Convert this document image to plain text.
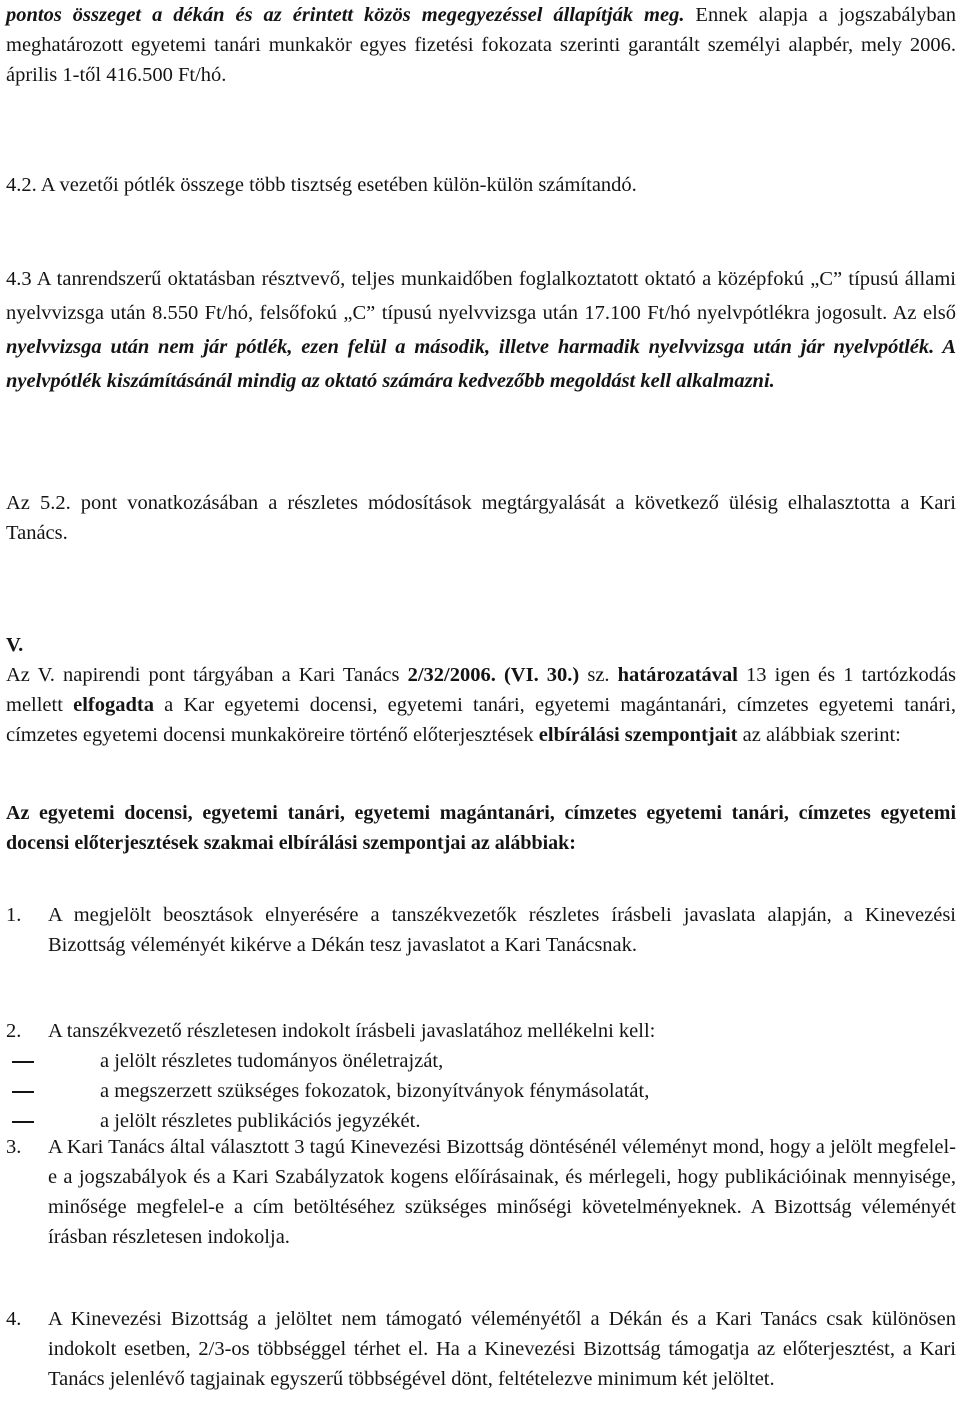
pontos összeget a dékán és az érintett közös megegyezéssel állapítják meg. Ennek alapja a jogszabályban meghatározott egyetemi tanári munkakör egyes fizetési fokozata szerinti garantált személyi alapbér, mely 2006. április 1-től 416.500 Ft/hó.

4.2. A vezetői pótlék összege több tisztség esetében külön-külön számítandó.

4.3 A tanrendszerű oktatásban résztvevő, teljes munkaidőben foglalkoztatott oktató a középfokú „C” típusú állami nyelvvizsga után 8.550 Ft/hó, felsőfokú „C” típusú nyelvvizsga után 17.100 Ft/hó nyelvpótlékra jogosult. Az első nyelvvizsga után nem jár pótlék, ezen felül a második, illetve harmadik nyelvvizsga után jár nyelvpótlék. A nyelvpótlék kiszámításánál mindig az oktató számára kedvezőbb megoldást kell alkalmazni.

Az 5.2. pont vonatkozásában a részletes módosítások megtárgyalását a következő ülésig elhalasztotta a Kari Tanács.

V.

Az V. napirendi pont tárgyában a Kari Tanács 2/32/2006. (VI. 30.) sz. határozatával 13 igen és 1 tartózkodás mellett elfogadta a Kar egyetemi docensi, egyetemi tanári, egyetemi magántanári, címzetes egyetemi tanári, címzetes egyetemi docensi munkaköreire történő előterjesztések elbírálási szempontjait az alábbiak szerint:

Az egyetemi docensi, egyetemi tanári, egyetemi magántanári, címzetes egyetemi tanári, címzetes egyetemi docensi előterjesztések szakmai elbírálási szempontjai az alábbiak:

1. A megjelölt beosztások elnyerésére a tanszékvezetők részletes írásbeli javaslata alapján, a Kinevezési Bizottság véleményét kikérve a Dékán tesz javaslatot a Kari Tanácsnak.

2. A tanszékvezető részletesen indokolt írásbeli javaslatához mellékelni kell:

a jelölt részletes tudományos önéletrajzát,
a megszerzett szükséges fokozatok, bizonyítványok fénymásolatát,
a jelölt részletes publikációs jegyzékét.
3. A Kari Tanács által választott 3 tagú Kinevezési Bizottság döntésénél véleményt mond, hogy a jelölt megfelel-e a jogszabályok és a Kari Szabályzatok kogens előírásainak, és mérlegeli, hogy publikációinak mennyisége, minősége megfelel-e a cím betöltéséhez szükséges minőségi követelményeknek. A Bizottság véleményét írásban részletesen indokolja.

4. A Kinevezési Bizottság a jelöltet nem támogató véleményétől a Dékán és a Kari Tanács csak különösen indokolt esetben, 2/3-os többséggel térhet el. Ha a Kinevezési Bizottság támogatja az előterjesztést, a Kari Tanács jelenlévő tagjainak egyszerű többségével dönt, feltételezve minimum két jelöltet.
